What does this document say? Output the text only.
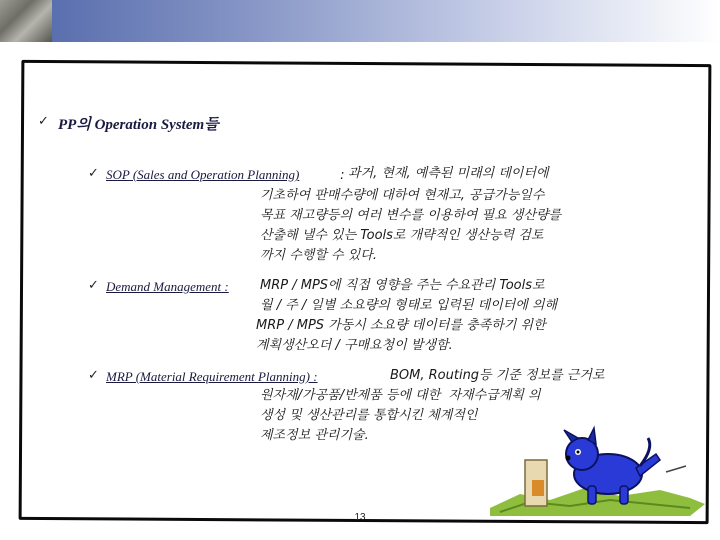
✓ PP의 Operation System들
✓ SOP (Sales and Operation Planning)	: 과거, 현재, 예측된 미래의 데이터에
기초하여 판매수량에 대하여 현재고, 공급가능일수
목표 재고량등의 여러 변수를 이용하여 필요 생산량를
산출해 낼수 있는 Tools로 개략적인 생산능력 검토
까지 수행할 수 있다.
✓ Demand Management : MRP / MPS에 직접 영향을 주는 수요관리 Tools로
월 / 주 / 일별 소요량의 형태로 입력된 데이터에 의해
MRP / MPS 가동시 소요량 데이터를 충족하기 위한
계획생산오더 / 구매요청이 발생함.
✓ MRP (Material Requirement Planning) :	BOM, Routing등 기준 정보를 근거로
원자재/가공품/반제품 등에 대한  자재수급계획 의
생성 및 생산관리를 통합시킨 체계적인
제조정보 관리기술.
13
